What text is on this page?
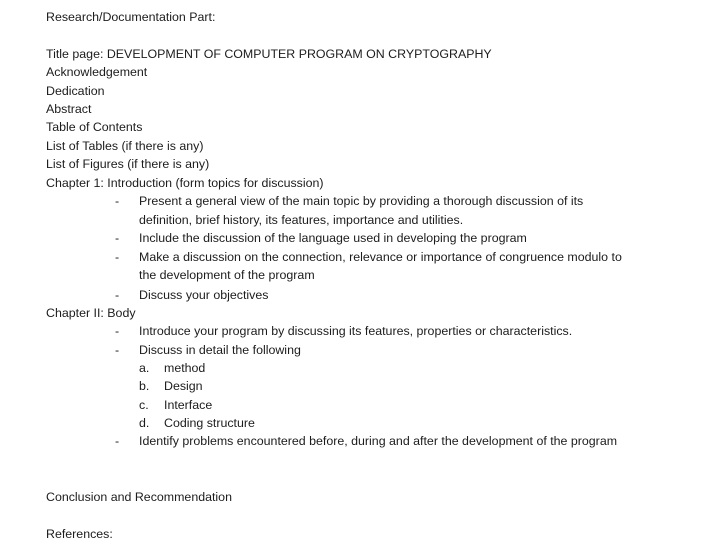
Research/Documentation Part:
Title page: DEVELOPMENT OF COMPUTER PROGRAM ON CRYPTOGRAPHY
Acknowledgement
Dedication
Abstract
Table of Contents
List of Tables (if there is any)
List of Figures (if there is any)
Chapter 1: Introduction (form topics for discussion)
- Present a general view of the main topic by providing a thorough discussion of its
definition, brief history, its features, importance and utilities.
- Include the discussion of the language used in developing the program
- Make a discussion on the connection, relevance or importance of congruence modulo to
the development of the program
- Discuss your objectives
Chapter II: Body
- Introduce your program by discussing its features, properties or characteristics.
- Discuss in detail the following
a. method
b. Design
c. Interface
d. Coding structure
- Identify problems encountered before, during and after the development of the program
Conclusion and Recommendation
References:
